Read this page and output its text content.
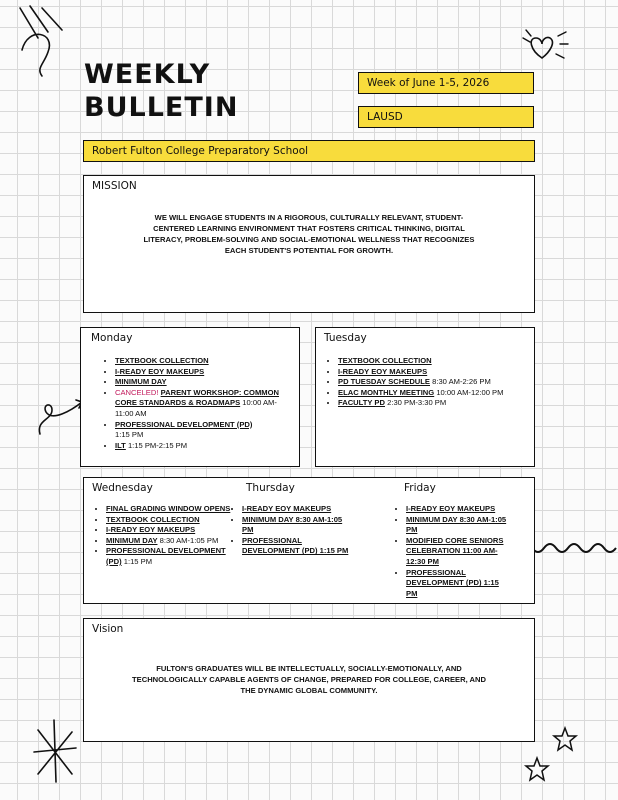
WEEKLY
BULLETIN
Week of June 1-5, 2026
LAUSD
Robert Fulton College Preparatory School
MISSION
WE WILL ENGAGE STUDENTS IN A RIGOROUS, CULTURALLY RELEVANT, STUDENT-CENTERED LEARNING ENVIRONMENT THAT FOSTERS CRITICAL THINKING, DIGITAL LITERACY, PROBLEM-SOLVING AND SOCIAL-EMOTIONAL WELLNESS THAT RECOGNIZES EACH STUDENT'S POTENTIAL FOR GROWTH.
Monday
• TEXTBOOK COLLECTION
• I-READY EOY MAKEUPS
• MINIMUM DAY
• CANCELED! PARENT WORKSHOP: COMMON CORE STANDARDS & ROADMAPS 10:00 AM-11:00 AM
• PROFESSIONAL DEVELOPMENT (PD)
1:15 PM
• ILT 1:15 PM-2:15 PM
Tuesday
• TEXTBOOK COLLECTION
• I-READY EOY MAKEUPS
• PD TUESDAY SCHEDULE 8:30 AM-2:26 PM
• ELAC MONTHLY MEETING 10:00 AM-12:00 PM
• FACULTY PD 2:30 PM-3:30 PM
Wednesday	Thursday	Friday
• FINAL GRADING WINDOW OPENS
• TEXTBOOK COLLECTION
• I-READY EOY MAKEUPS
• MINIMUM DAY 8:30 AM-1:05 PM
• PROFESSIONAL DEVELOPMENT (PD) 1:15 PM
• I-READY EOY MAKEUPS
• MINIMUM DAY 8:30 AM-1:05 PM
• PROFESSIONAL DEVELOPMENT (PD) 1:15 PM
• I-READY EOY MAKEUPS
• MINIMUM DAY 8:30 AM-1:05 PM
• MODIFIED CORE SENIORS CELEBRATION 11:00 AM-12:30 PM
• PROFESSIONAL DEVELOPMENT (PD) 1:15 PM
Vision
FULTON'S GRADUATES WILL BE INTELLECTUALLY, SOCIALLY-EMOTIONALLY, AND TECHNOLOGICALLY CAPABLE AGENTS OF CHANGE, PREPARED FOR COLLEGE, CAREER, AND THE DYNAMIC GLOBAL COMMUNITY.
